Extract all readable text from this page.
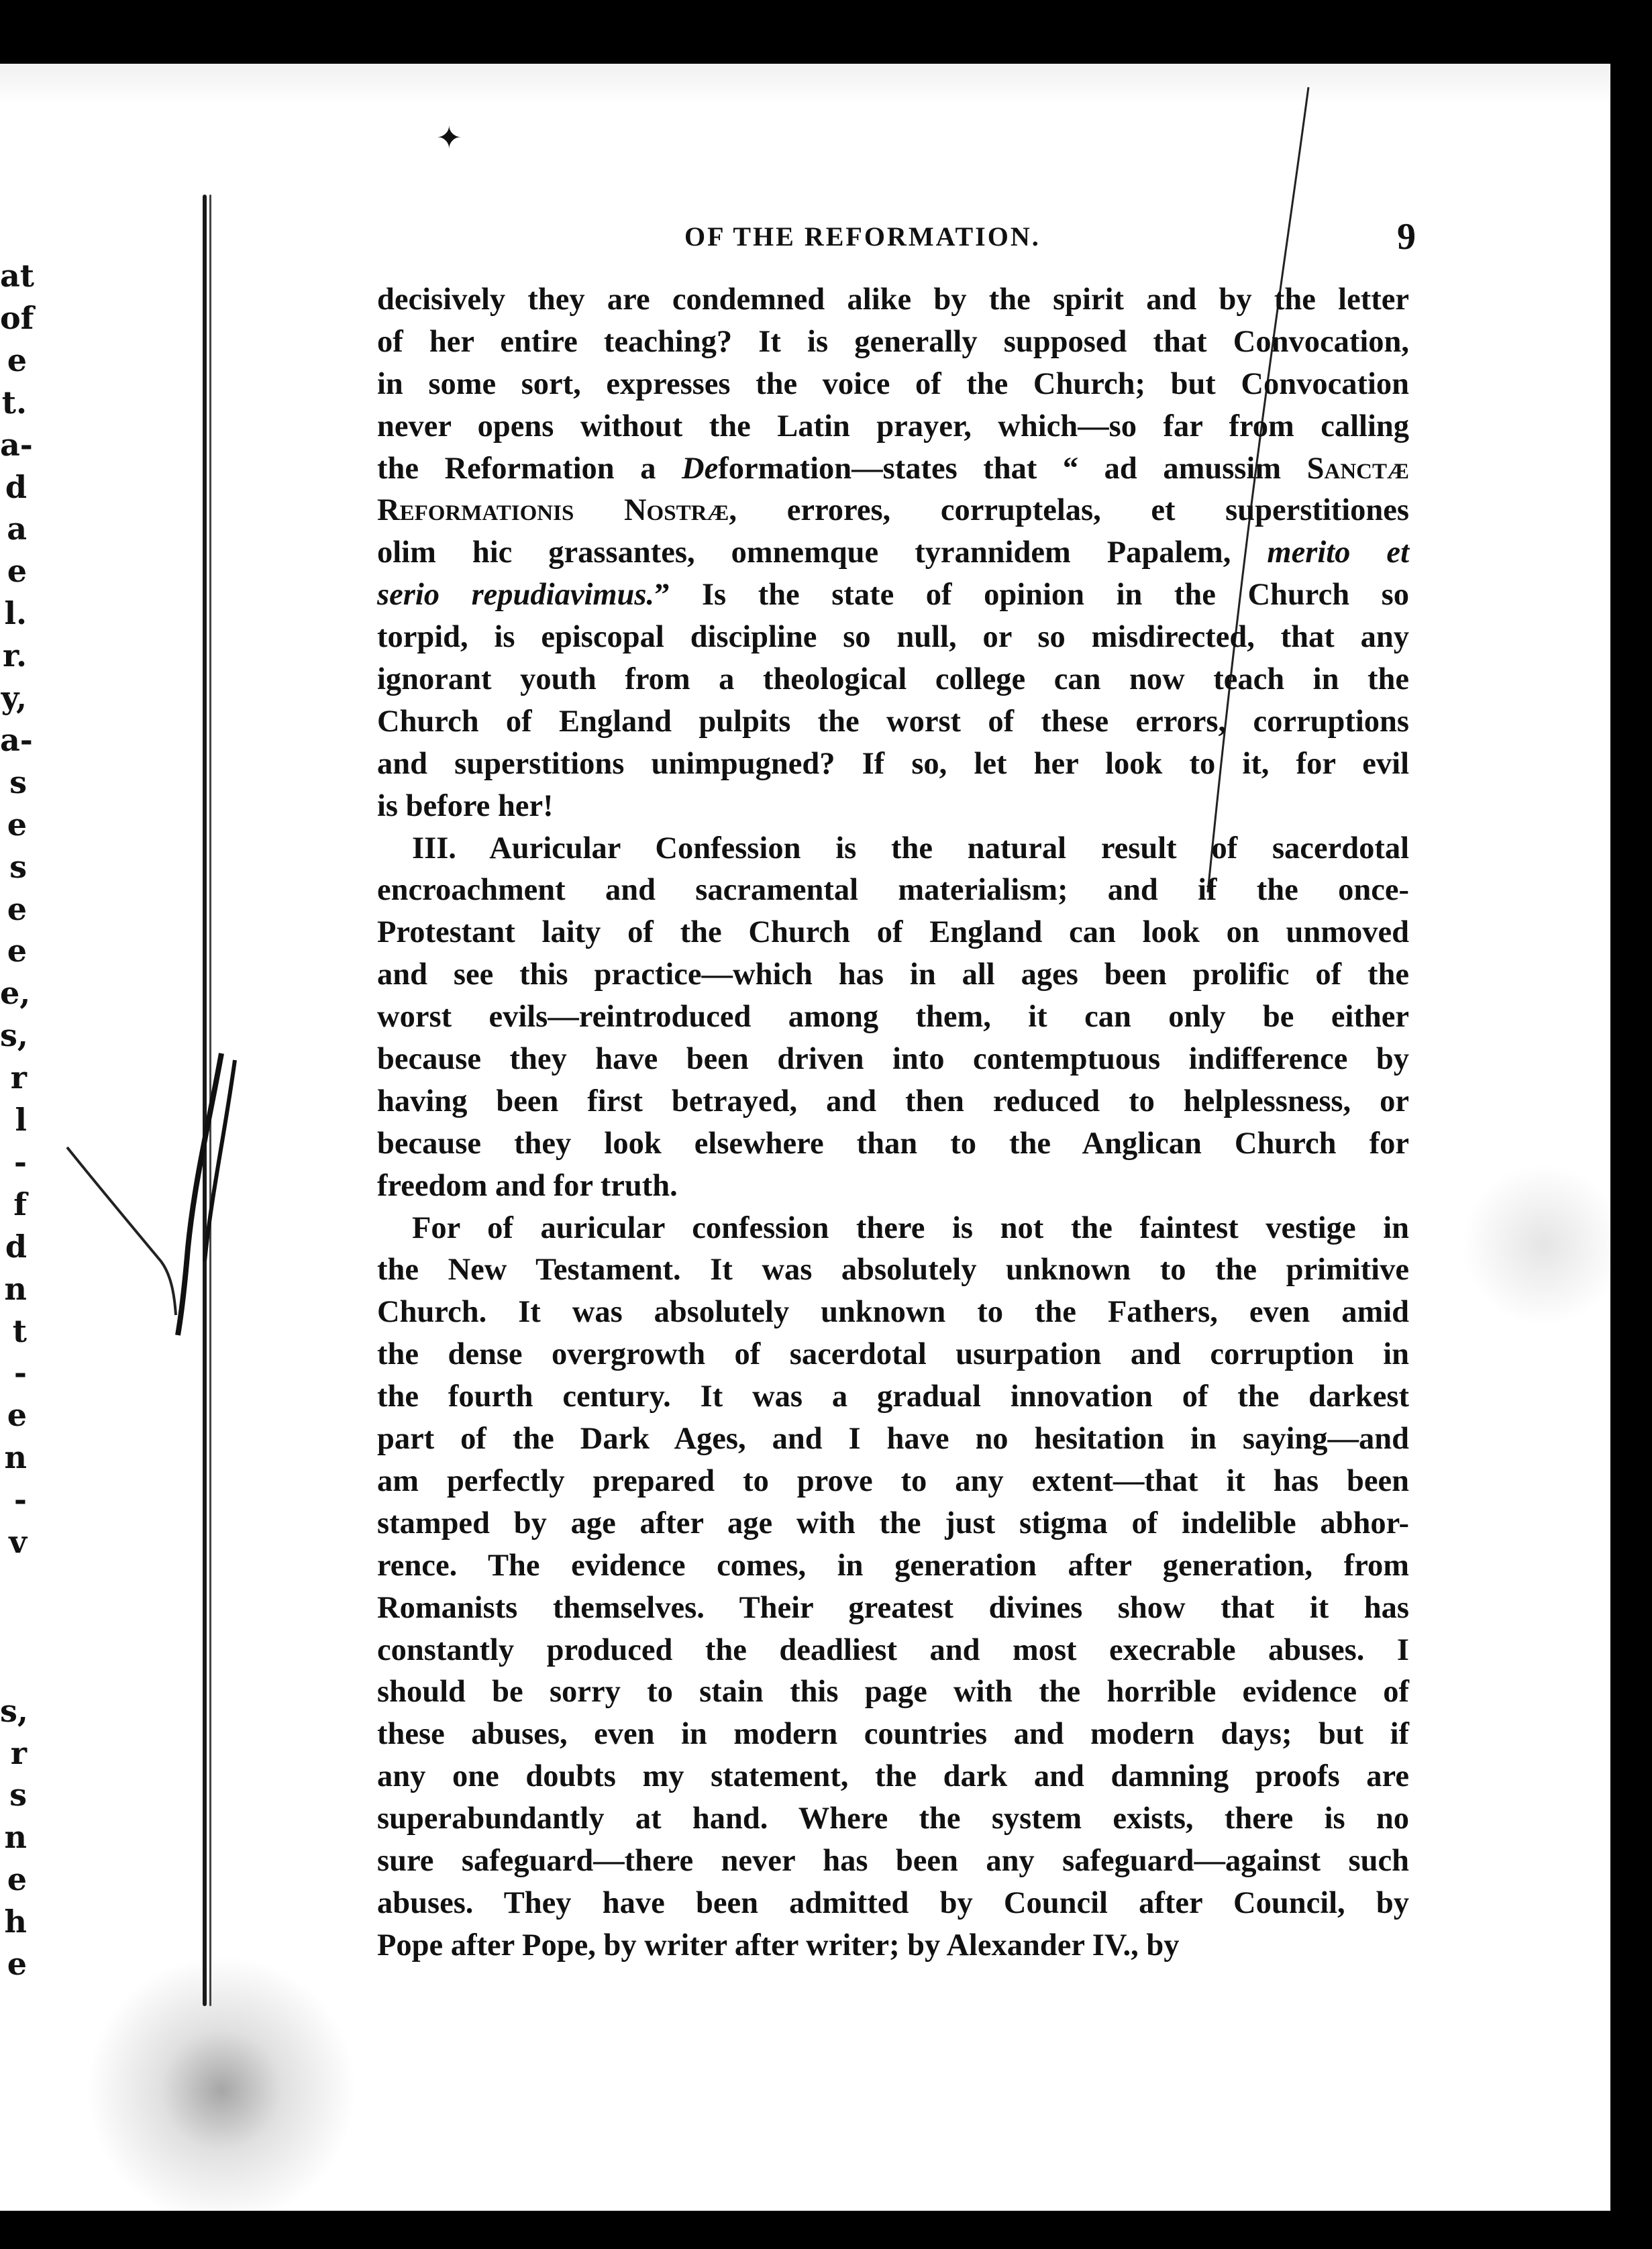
at
of
e
t.
a-
d
a
e
l.
r.
y,
a-
s
e
s
e
e
e,
s,
r
l
-
f
d
n
t
-
e
n
-
v
s,
r
s
n
e
h
e
✦
OF THE REFORMATION.	9
decisively they are condemned alike by the spirit and by the letter
of her entire teaching? It is generally supposed that Convocation,
in some sort, expresses the voice of the Church; but Convocation
never opens without the Latin prayer, which—so far from calling
the Reformation a Deformation—states that “ ad amussim Sanctæ
Reformationis Nostræ, errores, corruptelas, et superstitiones
olim hic grassantes, omnemque tyrannidem Papalem, merito et
serio repudiavimus.” Is the state of opinion in the Church so
torpid, is episcopal discipline so null, or so misdirected, that any
ignorant youth from a theological college can now teach in the
Church of England pulpits the worst of these errors, corruptions
and superstitions unimpugned? If so, let her look to it, for evil
is before her!
III. Auricular Confession is the natural result of sacerdotal
encroachment and sacramental materialism; and if the once-
Protestant laity of the Church of England can look on unmoved
and see this practice—which has in all ages been prolific of the
worst evils—reintroduced among them, it can only be either
because they have been driven into contemptuous indifference by
having been first betrayed, and then reduced to helplessness, or
because they look elsewhere than to the Anglican Church for
freedom and for truth.
For of auricular confession there is not the faintest vestige in
the New Testament. It was absolutely unknown to the primitive
Church. It was absolutely unknown to the Fathers, even amid
the dense overgrowth of sacerdotal usurpation and corruption in
the fourth century. It was a gradual innovation of the darkest
part of the Dark Ages, and I have no hesitation in saying—and
am perfectly prepared to prove to any extent—that it has been
stamped by age after age with the just stigma of indelible abhor-
rence. The evidence comes, in generation after generation, from
Romanists themselves. Their greatest divines show that it has
constantly produced the deadliest and most execrable abuses. I
should be sorry to stain this page with the horrible evidence of
these abuses, even in modern countries and modern days; but if
any one doubts my statement, the dark and damning proofs are
superabundantly at hand. Where the system exists, there is no
sure safeguard—there never has been any safeguard—against such
abuses. They have been admitted by Council after Council, by
Pope after Pope, by writer after writer; by Alexander IV., by
